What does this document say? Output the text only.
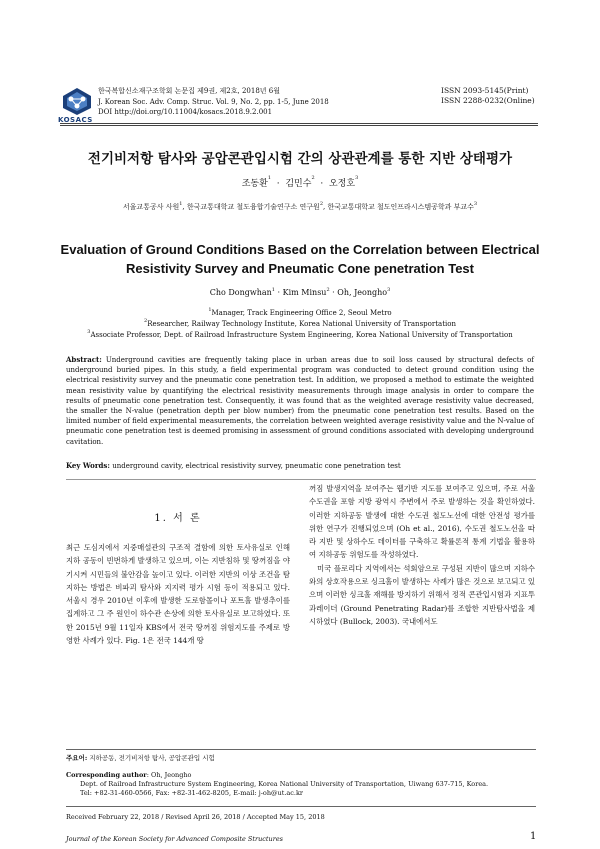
KOSACS
한국복합신소재구조학회 논문집 제9권, 제2호, 2018년 6월
J. Korean Soc. Adv. Comp. Struc. Vol. 9, No. 2, pp. 1-5, June 2018
DOI http://doi.org/10.11004/kosacs.2018.9.2.001
ISSN 2093-5145(Print)
ISSN 2288-0232(Online)
전기비저항 탐사와 공압콘관입시험 간의 상관관계를 통한 지반 상태평가
조동환$^1$  · 김민수$^2$  · 오정호$^3$
서울교통공사 사원$^1$, 한국교통대학교 철도융합기술연구소 연구원$^2$, 한국교통대학교 철도인프라시스템공학과 부교수$^3$
Evaluation of Ground Conditions Based on the Correlation between Electrical Resistivity Survey and Pneumatic Cone penetration Test
Cho Dongwhan$^1$ · Kim Minsu$^2$ · Oh, Jeongho$^3$
$^1$Manager, Track Engineering Office 2, Seoul Metro
$^2$Researcher, Railway Technology Institute, Korea National University of Transportation
$^3$Associate Professor, Dept. of Railroad Infrastructure System Engineering, Korea National University of Transportation
Abstract: Underground cavities are frequently taking place in urban areas due to soil loss caused by structural defects of underground buried pipes. In this study, a field experimental program was conducted to detect ground condition using the electrical resistivity survey and the pneumatic cone penetration test. In addition, we proposed a method to estimate the weighted mean resistivity value by quantifying the electrical resistivity measurements through image analysis in order to compare the results of pneumatic cone penetration test. Consequently, it was found that as the weighted average resistivity value decreased, the smaller the N-value (penetration depth per blow number) from the pneumatic cone penetration test results. Based on the limited number of field experimental measurements, the correlation between weighted average resistivity value and the N-value of pneumatic cone penetration test is deemed promising in assessment of ground conditions associated with developing underground cavitation.
Key Words: underground cavity, electrical resistivity survey, pneumatic cone penetration test
1. 서 론
최근 도심지에서 지중매설관의 구조적 결함에 의한 토사유실로 인해 지하 공동이 빈번하게 발생하고 있으며, 이는 지반침하 및 땅꺼짐을 야기시켜 시민들의 불안감을 높이고 있다. 이러한 지반의 이상 조건을 탐지하는 방법은 비파괴 탐사와 지지력 평가 시험 등이 적용되고 있다. 서울시 경우 2010년 이후에 발생한 도로함몰이나 포트홀 발생추이를 집계하고 그 주 원인이 하수관 손상에 의한 토사유실로 보고하였다. 또한 2015년 9월 11일자 KBS에서 전국 땅꺼짐 위험지도를 주제로 방영한 사례가 있다. Fig. 1은 전국 144개 땅

꺼짐 발생지역을 보여주는 웹기반 지도를 보여주고 있으며, 주로 서울 수도권을 포함 지방 광역시 주변에서 주로 발생하는 것을 확인하였다. 이러한 지하공동 발생에 대한 수도권 철도노선에 대한 안전성 평가를 위한 연구가 진행되었으며 (Oh et al., 2016), 수도권 철도노선을 따라 지반 및 상하수도 데이터를 구축하고 확률론적 통계 기법을 활용하여 지하공동 위험도를 작성하였다.

미국 플로리다 지역에서는 석회암으로 구성된 지반이 많으며 지하수와의 상호작용으로 싱크홀이 발생하는 사례가 많은 것으로 보고되고 있으며 이러한 싱크홀 재해를 방지하기 위해서 정적 콘관입시험과 지표투과레이더 (Ground Penetrating Radar)를 조합한 지반탐사법을 제시하였다 (Bullock, 2003). 국내에서도

주요어: 지하공동, 전기비저항 탐사, 공압콘관입 시험
Corresponding author: Oh, Jeongho
Dept. of Railroad Infrastructure System Engineering, Korea National University of Transportation, Uiwang 637-715, Korea.
Tel: +82-31-460-0566, Fax: +82-31-462-8205, E-mail: j-oh@ut.ac.kr
Received February 22, 2018 / Revised April 26, 2018 / Accepted May 15, 2018
Journal of the Korean Society for Advanced Composite Structures	1
